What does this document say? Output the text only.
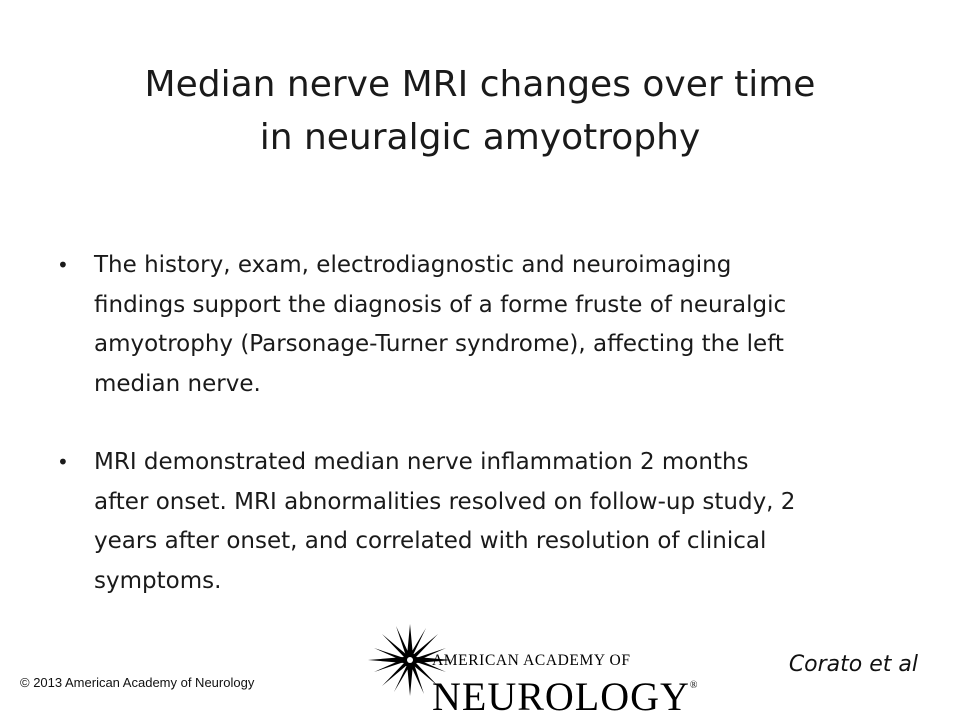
Median nerve MRI changes over time
in neuralgic amyotrophy
• The history, exam, electrodiagnostic and neuroimaging
findings support the diagnosis of a forme fruste of neuralgic
amyotrophy (Parsonage-Turner syndrome), affecting the left
median nerve.
• MRI demonstrated median nerve inflammation 2 months
after onset. MRI abnormalities resolved on follow-up study, 2
years after onset, and correlated with resolution of clinical
symptoms.
© 2013 American Academy of Neurology
AMERICAN ACADEMY OF
NEUROLOGY®
Corato et al
